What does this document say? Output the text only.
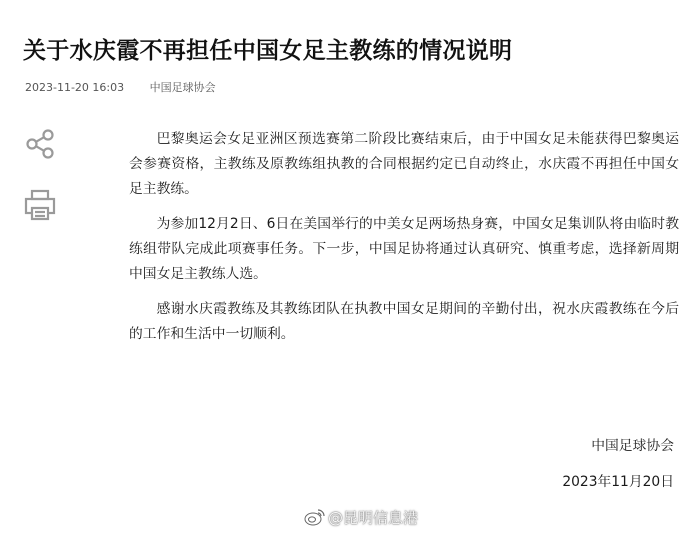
关于水庆霞不再担任中国女足主教练的情况说明
2023-11-20 16:03 中国足球协会

巴黎奥运会女足亚洲区预选赛第二阶段比赛结束后，由于中国女足未能获得巴黎奥运会参赛资格，主教练及原教练组执教的合同根据约定已自动终止，水庆霞不再担任中国女足主教练。

为参加12月2日、6日在美国举行的中美女足两场热身赛，中国女足集训队将由临时教练组带队完成此项赛事任务。下一步，中国足协将通过认真研究、慎重考虑，选择新周期中国女足主教练人选。

感谢水庆霞教练及其教练团队在执教中国女足期间的辛勤付出，祝水庆霞教练在今后的工作和生活中一切顺利。

中国足球协会
2023年11月20日
@昆明信息港
